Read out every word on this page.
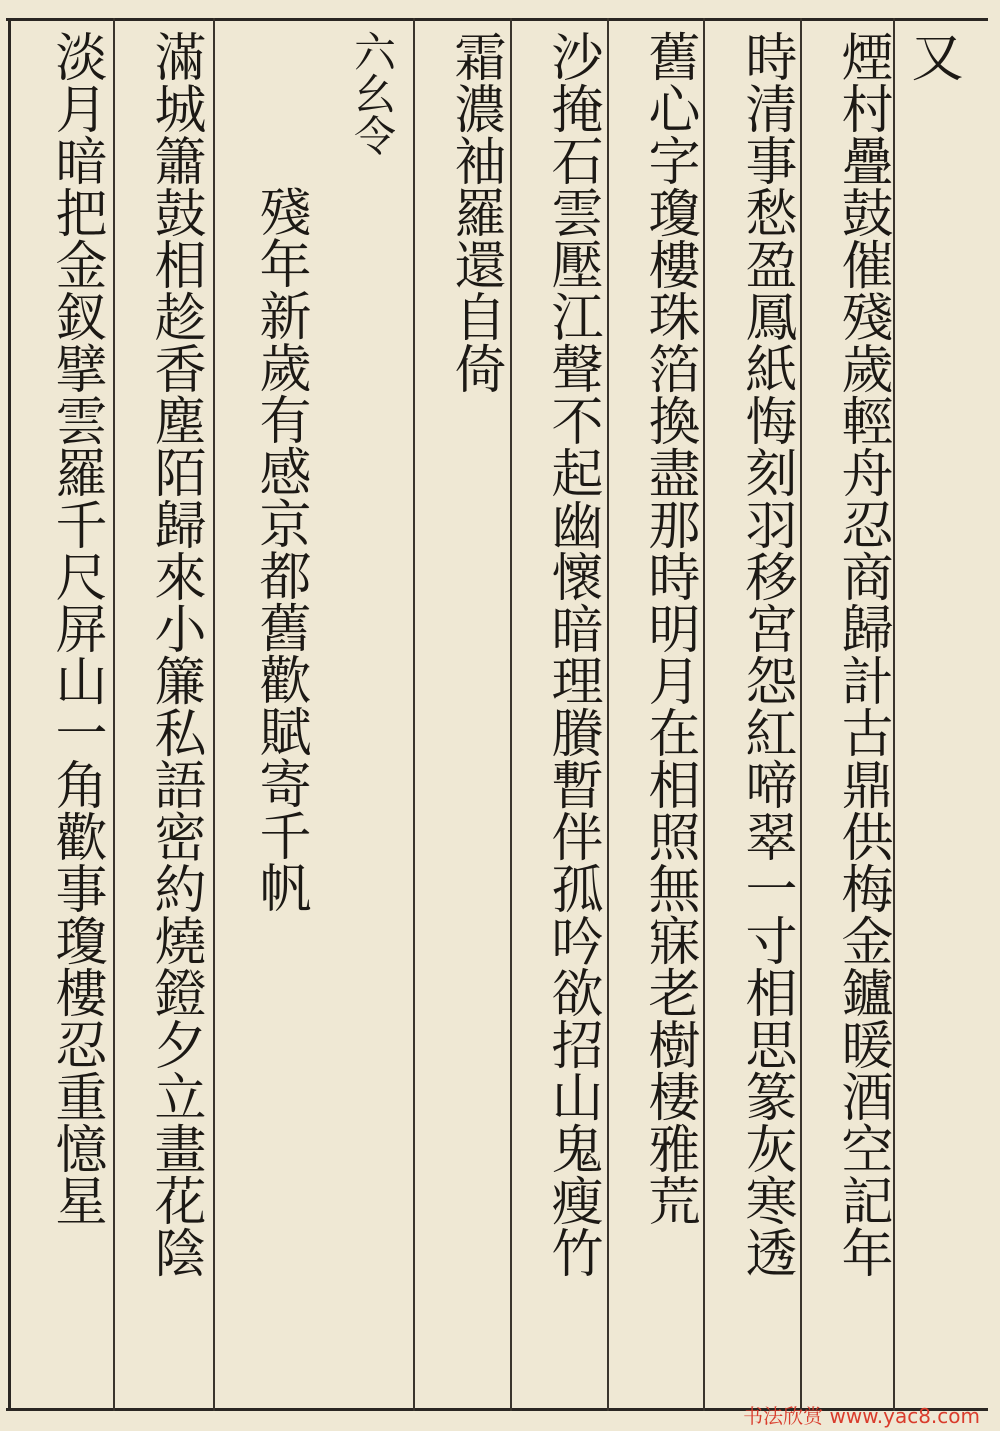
又
煙村疊鼓催殘歲輕舟忍商歸計古鼎供梅金鑪暖酒空記年
時清事愁盈鳳紙悔刻羽移宮怨紅啼翠一寸相思篆灰寒透
舊心字瓊樓珠箔換盡那時明月在相照無寐老樹棲雅荒
沙掩石雲壓江聲不起幽懷暗理賸暫伴孤吟欲招山鬼瘦竹
霜濃袖羅還自倚
六幺令
殘年新歲有感京都舊歡賦寄千帆
滿城簫鼓相趁香塵陌歸來小簾私語密約燒鐙夕立畫花陰
淡月暗把金釵擘雲羅千尺屏山一角歡事瓊樓忍重憶星
书法欣赏 www.yac8.com
